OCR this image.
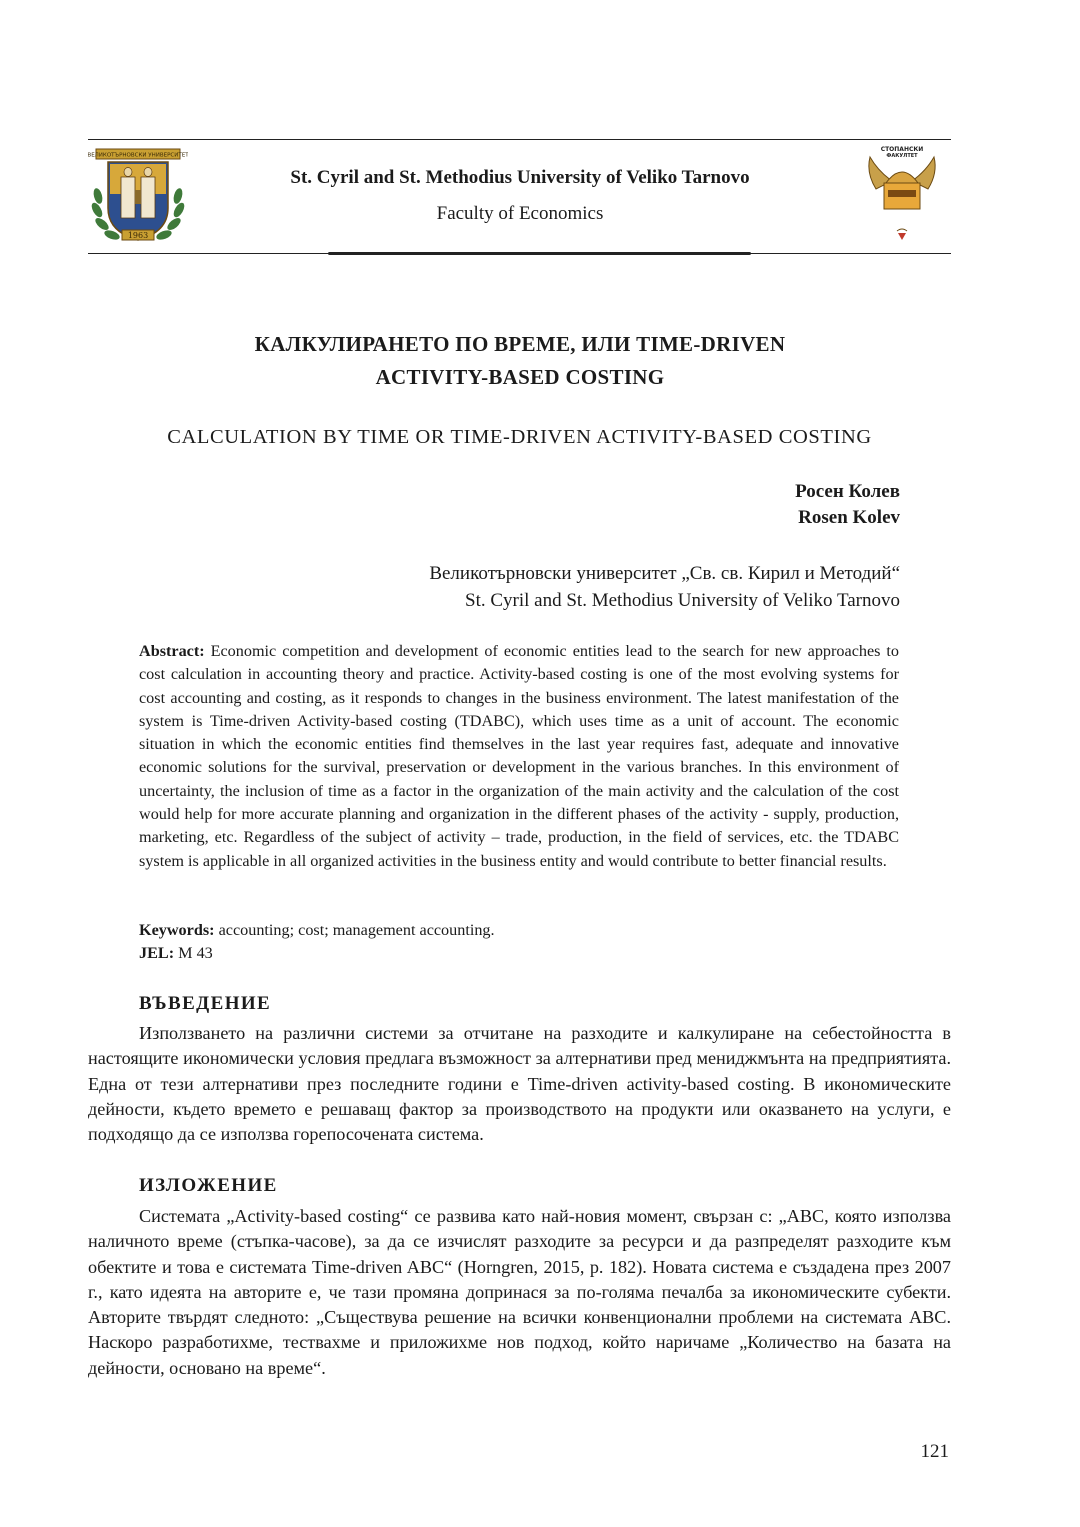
ВЕЛИКОТЪРНОВСКИ УНИВЕРСИТЕТ
1963
St. Cyril and St. Methodius University of Veliko Tarnovo
Faculty of Economics
СТОПАНСКИ
ФАКУЛТЕТ
КАЛКУЛИРАНЕТО ПО ВРЕМЕ, ИЛИ TIME-DRIVEN
ACTIVITY-BASED COSTING
CALCULATION BY TIME OR TIME-DRIVEN ACTIVITY-BASED COSTING
Росен Колев
Rosen Kolev
Великотърновски университет „Св. св. Кирил и Методий“
St. Cyril and St. Methodius University of Veliko Tarnovo

Abstract: Economic competition and development of economic entities lead to the search for new approaches to cost calculation in accounting theory and practice. Activity-based costing is one of the most evolving systems for cost accounting and costing, as it responds to changes in the business environment. The latest manifestation of the system is Time-driven Activity-based costing (TDABC), which uses time as a unit of account. The economic situation in which the economic entities find themselves in the last year requires fast, adequate and innovative economic solutions for the survival, preservation or development in the various branches. In this environment of uncertainty, the inclusion of time as a factor in the organization of the main activity and the calculation of the cost would help for more accurate planning and organization in the different phases of the activity - supply, production, marketing, etc. Regardless of the subject of activity – trade, production, in the field of services, etc. the TDABC system is applicable in all organized activities in the business entity and would contribute to better financial results.

Keywords: accounting; cost; management accounting.
JEL: M 43
ВЪВЕДЕНИЕ

Използването на различни системи за отчитане на разходите и калкулиране на себестойността в настоящите икономически условия предлага възможност за алтернативи пред мениджмънта на предприятията. Една от тези алтернативи през последните години е Time-driven activity-based costing. В икономическите дейности, където времето е решаващ фактор за производството на продукти или оказването на услуги, е подходящо да се използва горепосочената система.

ИЗЛОЖЕНИЕ

Системата „Activity-based costing“ се развива като най-новия момент, свързан с: „ABC, която използва наличното време (стъпка-часове), за да се изчислят разходите за ресурси и да разпределят разходите към обектите и това е системата Time-driven ABC“ (Horngren, 2015, p. 182). Новата система е създадена през 2007 г., като идеята на авторите е, че тази промяна допринася за по-голяма печалба за икономическите субекти. Авторите твърдят следното: „Съществува решение на всички конвенционални проблеми на системата ABC. Наскоро разработихме, тествахме и приложихме нов подход, който наричаме „Количество на базата на дейности, основано на време“.

121
